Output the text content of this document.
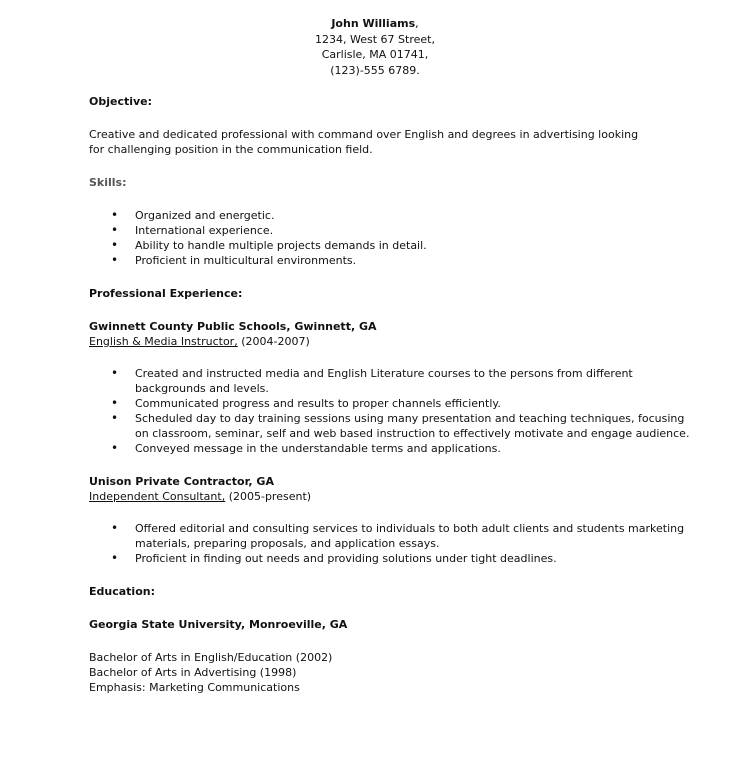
John Williams,
1234, West 67 Street,
Carlisle, MA 01741,
(123)-555 6789.
Objective:
Creative and dedicated professional with command over English and degrees in advertising looking for challenging position in the communication field.
Skills:
• Organized and energetic.
• International experience.
• Ability to handle multiple projects demands in detail.
• Proficient in multicultural environments.
Professional Experience:
Gwinnett County Public Schools, Gwinnett, GA
English & Media Instructor, (2004-2007)
• Created and instructed media and English Literature courses to the persons from different backgrounds and levels.
• Communicated progress and results to proper channels efficiently.
• Scheduled day to day training sessions using many presentation and teaching techniques, focusing on classroom, seminar, self and web based instruction to effectively motivate and engage audience.
• Conveyed message in the understandable terms and applications.
Unison Private Contractor, GA
Independent Consultant, (2005-present)
• Offered editorial and consulting services to individuals to both adult clients and students marketing materials, preparing proposals, and application essays.
• Proficient in finding out needs and providing solutions under tight deadlines.
Education:
Georgia State University, Monroeville, GA
Bachelor of Arts in English/Education (2002)
Bachelor of Arts in Advertising (1998)
Emphasis: Marketing Communications
